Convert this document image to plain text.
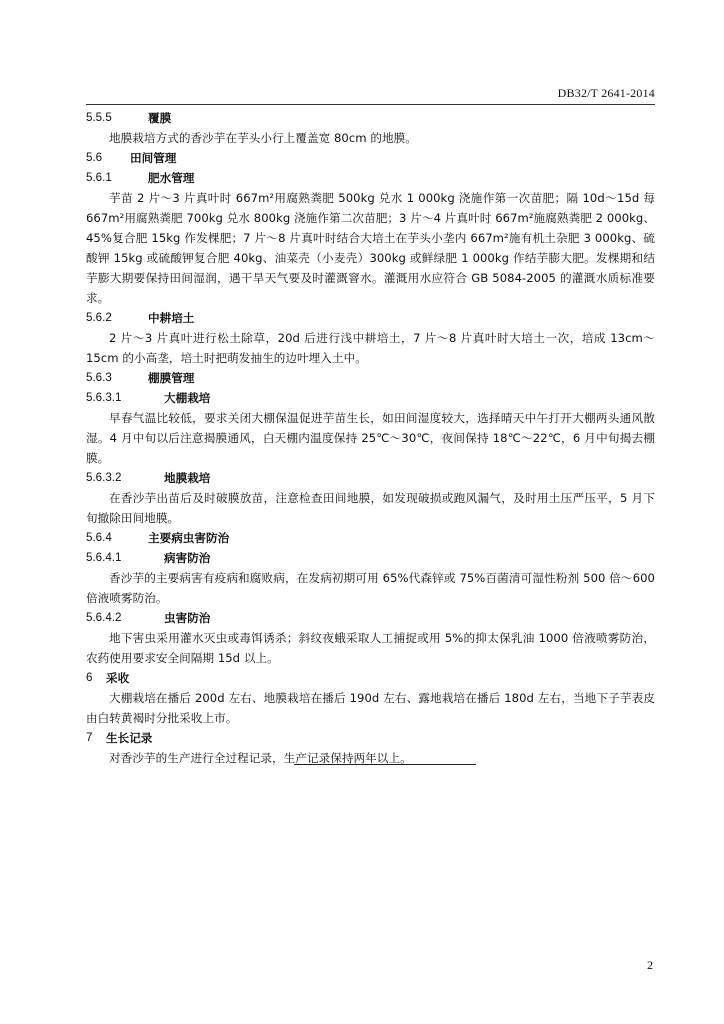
DB32/T 2641-2014
5.5.5	覆膜
地膜栽培方式的香沙芋在芋头小行上覆盖宽 80cm 的地膜。
5.6	田间管理
5.6.1	肥水管理
芋苗 2 片～3 片真叶时 667m²用腐熟粪肥 500kg 兑水 1 000kg 浇施作第一次苗肥；隔 10d～15d 每 667m²用腐熟粪肥 700kg 兑水 800kg 浇施作第二次苗肥；3 片～4 片真叶时 667m²施腐熟粪肥 2 000kg、45%复合肥 15kg 作发棵肥；7 片～8 片真叶时结合大培土在芋头小垄内 667m²施有机土杂肥 3 000kg、硫酸钾 15kg 或硫酸钾复合肥 40kg、油菜壳（小麦壳）300kg 或鲜绿肥 1 000kg 作结芋膨大肥。发棵期和结芋膨大期要保持田间湿润，遇干旱天气要及时灌溉窨水。灌溉用水应符合 GB 5084-2005 的灌溉水质标准要求。
5.6.2	中耕培土
2 片～3 片真叶进行松土除草，20d 后进行浅中耕培土，7 片～8 片真叶时大培土一次，培成 13cm～15cm 的小高垄，培土时把萌发抽生的边叶埋入土中。
5.6.3	棚膜管理
5.6.3.1	大棚栽培
早春气温比较低，要求关闭大棚保温促进芋苗生长，如田间湿度较大，选择晴天中午打开大棚两头通风散湿。4 月中旬以后注意揭膜通风，白天棚内温度保持 25℃～30℃，夜间保持 18℃～22℃，6 月中旬揭去棚膜。
5.6.3.2	地膜栽培
在香沙芋出苗后及时破膜放苗，注意检查田间地膜，如发现破损或跑风漏气，及时用土压严压平，5 月下旬撤除田间地膜。
5.6.4	主要病虫害防治
5.6.4.1	病害防治
香沙芋的主要病害有疫病和腐败病，在发病初期可用 65%代森锌或 75%百菌清可湿性粉剂 500 倍～600 倍液喷雾防治。
5.6.4.2	虫害防治
地下害虫采用灌水灭虫或毒饵诱杀；斜纹夜蛾采取人工捕捉或用 5%的抑太保乳油 1000 倍液喷雾防治，农药使用要求安全间隔期 15d 以上。
6	采收
大棚栽培在播后 200d 左右、地膜栽培在播后 190d 左右、露地栽培在播后 180d 左右，当地下子芋表皮由白转黄褐时分批采收上市。
7	生长记录
对香沙芋的生产进行全过程记录，生产记录保持两年以上。
2
